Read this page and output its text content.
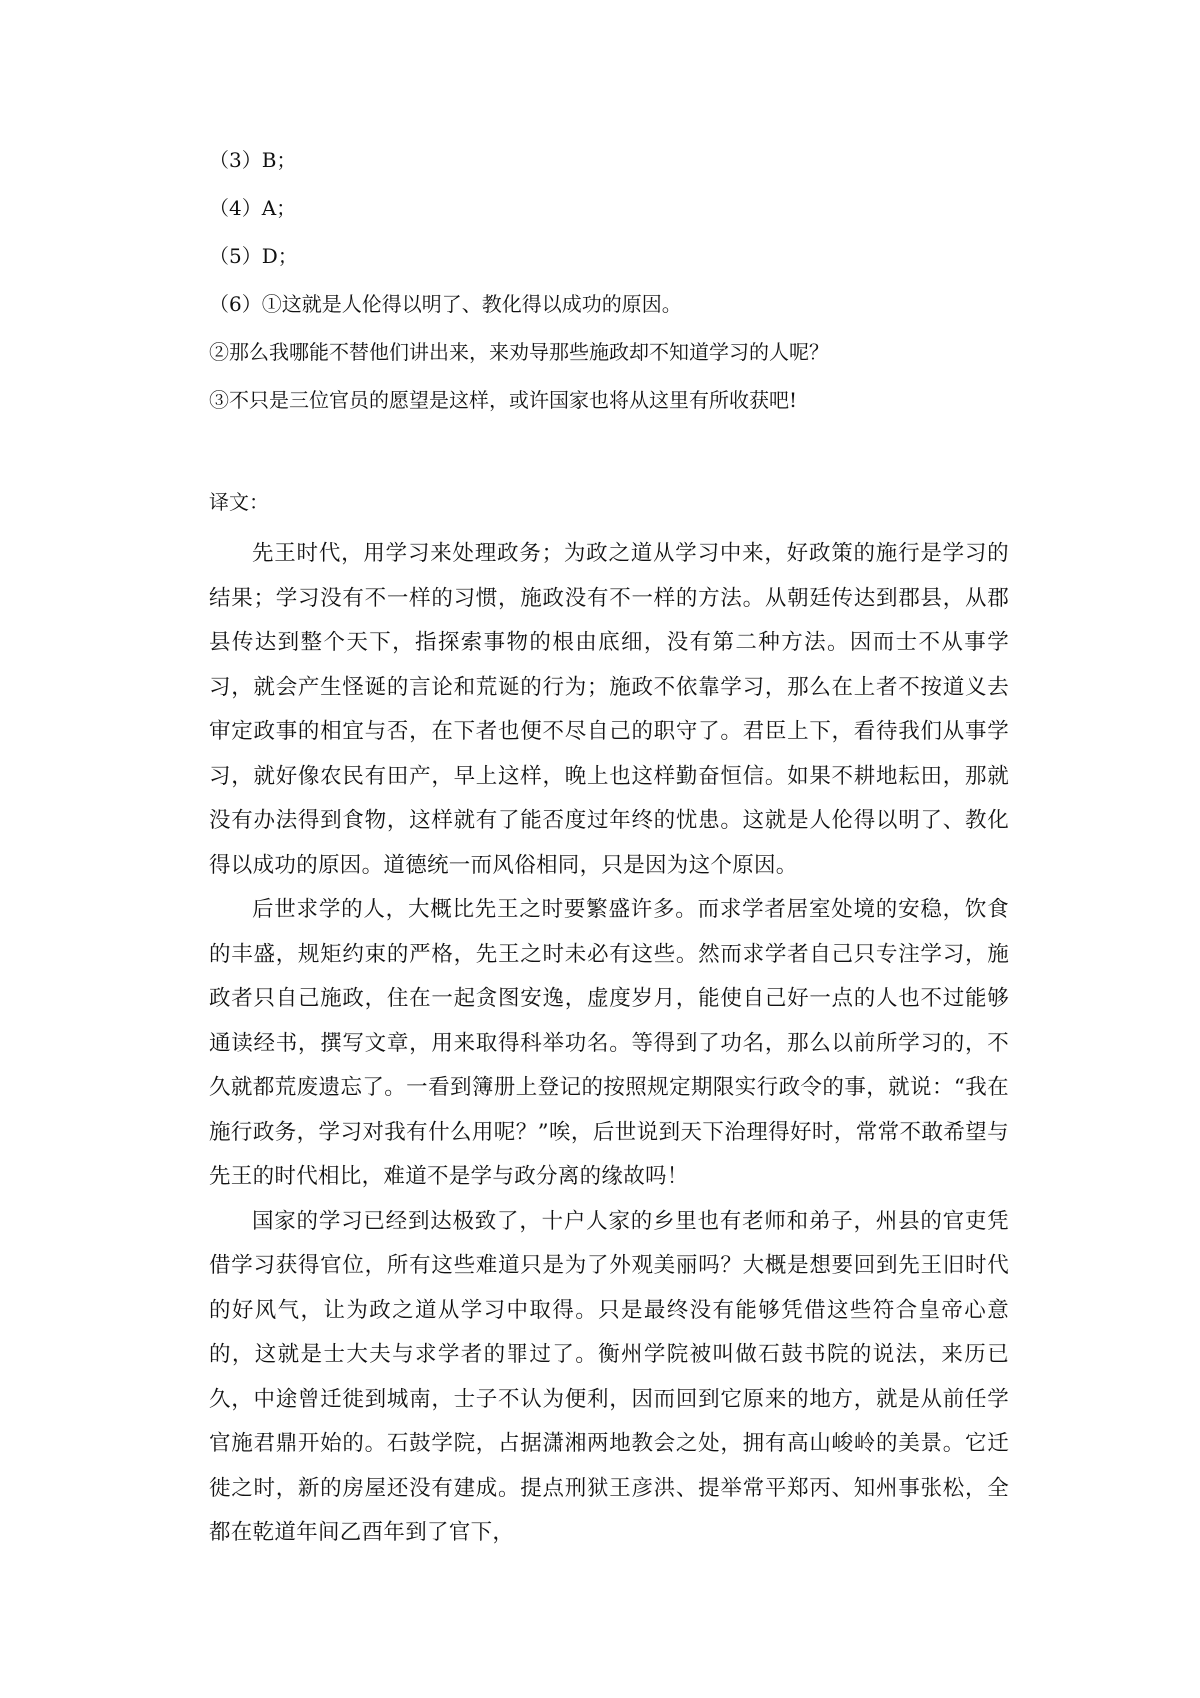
（3）B；
（4）A；
（5）D；
（6）①这就是人伦得以明了、教化得以成功的原因。
②那么我哪能不替他们讲出来，来劝导那些施政却不知道学习的人呢？
③不只是三位官员的愿望是这样，或许国家也将从这里有所收获吧!
译文：

先王时代，用学习来处理政务；为政之道从学习中来，好政策的施行是学习的结果；学习没有不一样的习惯，施政没有不一样的方法。从朝廷传达到郡县，从郡县传达到整个天下，指探索事物的根由底细，没有第二种方法。因而士不从事学习，就会产生怪诞的言论和荒诞的行为；施政不依靠学习，那么在上者不按道义去审定政事的相宜与否，在下者也便不尽自己的职守了。君臣上下，看待我们从事学习，就好像农民有田产，早上这样，晚上也这样勤奋恒信。如果不耕地耘田，那就没有办法得到食物，这样就有了能否度过年终的忧患。这就是人伦得以明了、教化得以成功的原因。道德统一而风俗相同，只是因为这个原因。

后世求学的人，大概比先王之时要繁盛许多。而求学者居室处境的安稳，饮食的丰盛，规矩约束的严格，先王之时未必有这些。然而求学者自己只专注学习，施政者只自己施政，住在一起贪图安逸，虚度岁月，能使自己好一点的人也不过能够通读经书，撰写文章，用来取得科举功名。等得到了功名，那么以前所学习的，不久就都荒废遗忘了。一看到簿册上登记的按照规定期限实行政令的事，就说：“我在施行政务，学习对我有什么用呢？”唉，后世说到天下治理得好时，常常不敢希望与先王的时代相比，难道不是学与政分离的缘故吗！

国家的学习已经到达极致了，十户人家的乡里也有老师和弟子，州县的官吏凭借学习获得官位，所有这些难道只是为了外观美丽吗？大概是想要回到先王旧时代的好风气，让为政之道从学习中取得。只是最终没有能够凭借这些符合皇帝心意的，这就是士大夫与求学者的罪过了。衡州学院被叫做石鼓书院的说法，来历已久，中途曾迁徙到城南，士子不认为便利，因而回到它原来的地方，就是从前任学官施君鼎开始的。石鼓学院，占据潇湘两地教会之处，拥有高山峻岭的美景。它迁徙之时，新的房屋还没有建成。提点刑狱王彦洪、提举常平郑丙、知州事张松，全都在乾道年间乙酉年到了官下，
